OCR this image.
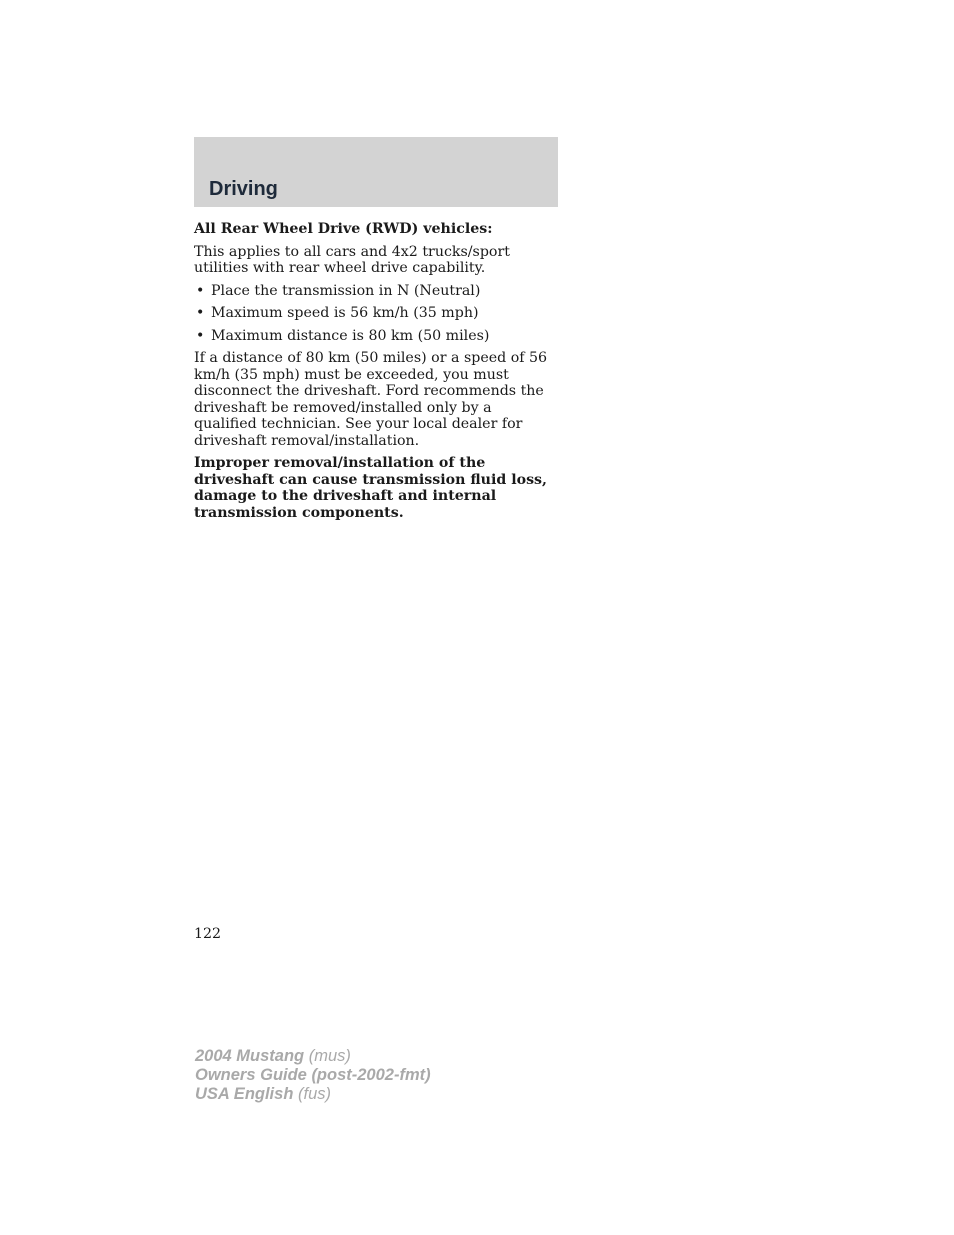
Driving

All Rear Wheel Drive (RWD) vehicles:

This applies to all cars and 4x2 trucks/sport utilities with rear wheel drive capability.

• Place the transmission in N (Neutral)
• Maximum speed is 56 km/h (35 mph)
• Maximum distance is 80 km (50 miles)

If a distance of 80 km (50 miles) or a speed of 56 km/h (35 mph) must be exceeded, you must disconnect the driveshaft. Ford recommends the driveshaft be removed/installed only by a qualified technician. See your local dealer for driveshaft removal/installation.

Improper removal/installation of the driveshaft can cause transmission fluid loss, damage to the driveshaft and internal transmission components.

122
2004 Mustang (mus)
Owners Guide (post-2002-fmt)
USA English (fus)
